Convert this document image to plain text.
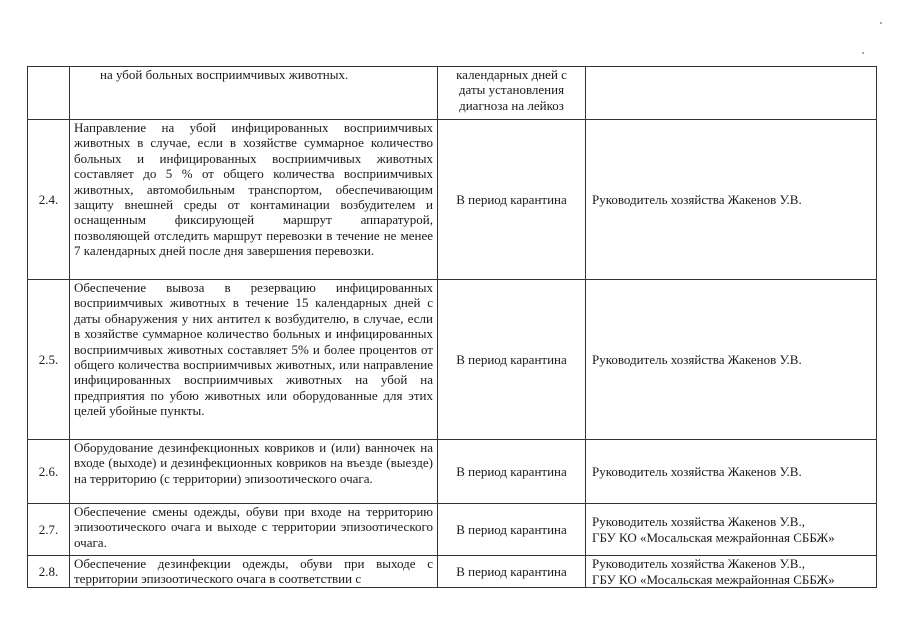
	на убой больных восприимчивых животных.	календарных дней с
даты установления
диагноза на лейкоз	

2.4.	Направление на убой инфицированных восприимчивых животных в случае, если в хозяйстве суммарное количество больных и инфицированных восприимчивых животных составляет до 5 % от общего количества восприимчивых животных, автомобильным транспортом, обеспечивающим защиту внешней среды от контаминации возбудителем и оснащенным фиксирующей маршрут аппаратурой, позволяющей отследить маршрут перевозки в течение не менее 7 календарных дней после дня завершения перевозки.	В период карантина	Руководитель хозяйства Жакенов У.В.

2.5.	Обеспечение вывоза в резервацию инфицированных восприимчивых животных в течение 15 календарных дней с даты обнаружения у них антител к возбудителю, в случае, если в хозяйстве суммарное количество больных и инфицированных восприимчивых животных составляет 5% и более процентов от общего количества восприимчивых животных, или направление инфицированных восприимчивых животных на убой на предприятия по убою животных или оборудованные для этих целей убойные пункты.	В период карантина	Руководитель хозяйства Жакенов У.В.

2.6.	Оборудование дезинфекционных ковриков и (или) ванночек на входе (выходе) и дезинфекционных ковриков на въезде (выезде) на территорию (с территории) эпизоотического очага.	В период карантина	Руководитель хозяйства Жакенов У.В.

2.7.	Обеспечение смены одежды, обуви при входе на территорию эпизоотического очага и выходе с территории эпизоотического очага.	В период карантина	Руководитель хозяйства Жакенов У.В.,
ГБУ КО «Мосальская межрайонная СББЖ»

2.8.	Обеспечение дезинфекции одежды, обуви при выходе с территории эпизоотического очага в соответствии с	В период карантина	Руководитель хозяйства Жакенов У.В.,
ГБУ КО «Мосальская межрайонная СББЖ»
